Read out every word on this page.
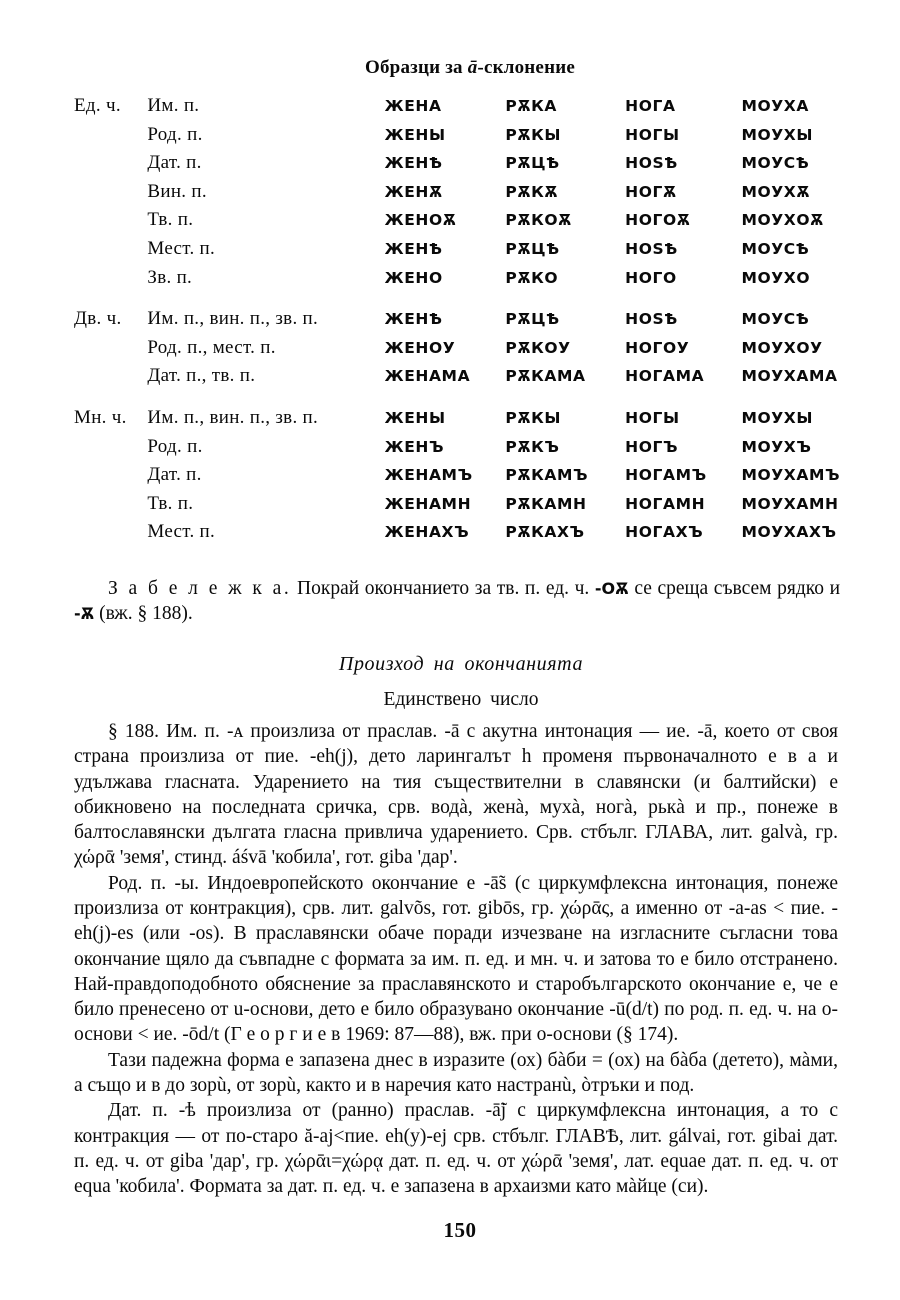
Образци за ā-склонение
Ед. ч.	Им. п.	ЖЕНА	РѪКА	НОГА	МОУХА
	Род. п.	ЖЕНЫ	РѪКЫ	НОГЫ	МОУХЫ
	Дат. п.	ЖЕНѢ	РѪЦѢ	НОЅѢ	МОУСѢ
	Вин. п.	ЖЕНѪ	РѪКѪ	НОГѪ	МОУХѪ
	Тв. п.	ЖЕНОѪ	РѪКОѪ	НОГОѪ	МОУХОѪ
	Мест. п.	ЖЕНѢ	РѪЦѢ	НОЅѢ	МОУСѢ
	Зв. п.	ЖЕНО	РѪКО	НОГО	МОУХО
Дв. ч.	Им. п., вин. п., зв. п.	ЖЕНѢ	РѪЦѢ	НОЅѢ	МОУСѢ
	Род. п., мест. п.	ЖЕНОУ	РѪКОУ	НОГОУ	МОУХОУ
	Дат. п., тв. п.	ЖЕНАМА	РѪКАМА	НОГАМА	МОУХАМА
Мн. ч.	Им. п., вин. п., зв. п.	ЖЕНЫ	РѪКЫ	НОГЫ	МОУХЫ
	Род. п.	ЖЕНЪ	РѪКЪ	НОГЪ	МОУХЪ
	Дат. п.	ЖЕНАМЪ	РѪКАМЪ	НОГАМЪ	МОУХАМЪ
	Тв. п.	ЖЕНАМН	РѪКАМН	НОГАМН	МОУХАМН
	Мест. п.	ЖЕНАХЪ	РѪКАХЪ	НОГАХЪ	МОУХАХЪ

З а б е л е ж к а. Покрай окончанието за тв. п. ед. ч. -ОѪ се среща съвсем рядко и -Ѫ (вж. § 188).

Произход на окончанията
Единствено число

§ 188. Им. п. -ᴀ произлиза от праслав. -ā с акутна интонация — ие. -ā, което от своя страна произлиза от пие. -eh(j), дето ларингалът h променя първоначалното e в a и удължава гласната. Ударението на тия съществителни в славянски (и балтийски) е обикновено на последната сричка, срв. водà, женà, мухà, ногà, рькà и пр., понеже в балтославянски дългата гласна привлича ударението. Срв. стбълг. ГЛАВА, лит. galvà, гр. χώρᾱ 'земя', стинд. áśvā 'кобила', гот. giba 'дар'.

Род. п. -ы. Индоевропейското окончание е -ā̃s (с циркумфлексна интонация, понеже произлиза от контракция), срв. лит. galvõs, гот. gibōs, гр. χώρᾱς, а именно от -a-as < пие. -eh(j)-es (или -os). В праславянски обаче поради изчезване на изгласните съгласни това окончание щяло да съвпадне с формата за им. п. ед. и мн. ч. и затова то е било отстранено. Най-правдоподобното обяснение за праславянското и старобългарското окончание е, че е било пренесено от u-основи, дето е било образувано окончание -ū(d/t) по род. п. ед. ч. на o-основи < ие. -ōd/t (Г е о р г и е в 1969: 87—88), вж. при o-основи (§ 174).

Тази падежна форма е запазена днес в изразите (ох) бàби = (ох) на бàба (детето), мàми, а също и в до зорù, от зорù, както и в наречия като настранù, òтръки и под.

Дат. п. -ѣ произлиза от (ранно) праслав. -ā̃j с циркумфлексна интонация, а то с контракция — от по-старо ă-aj<пие. eh(y)-ej срв. стбълг. ГЛАВѢ, лит. gálvai, гот. gibai дат. п. ед. ч. от giba 'дар', гр. χώρᾱι=χώρᾳ дат. п. ед. ч. от χώρᾱ 'земя', лат. equae дат. п. ед. ч. от equa 'кобила'. Формата за дат. п. ед. ч. е запазена в архаизми като мàйце (си).

150
